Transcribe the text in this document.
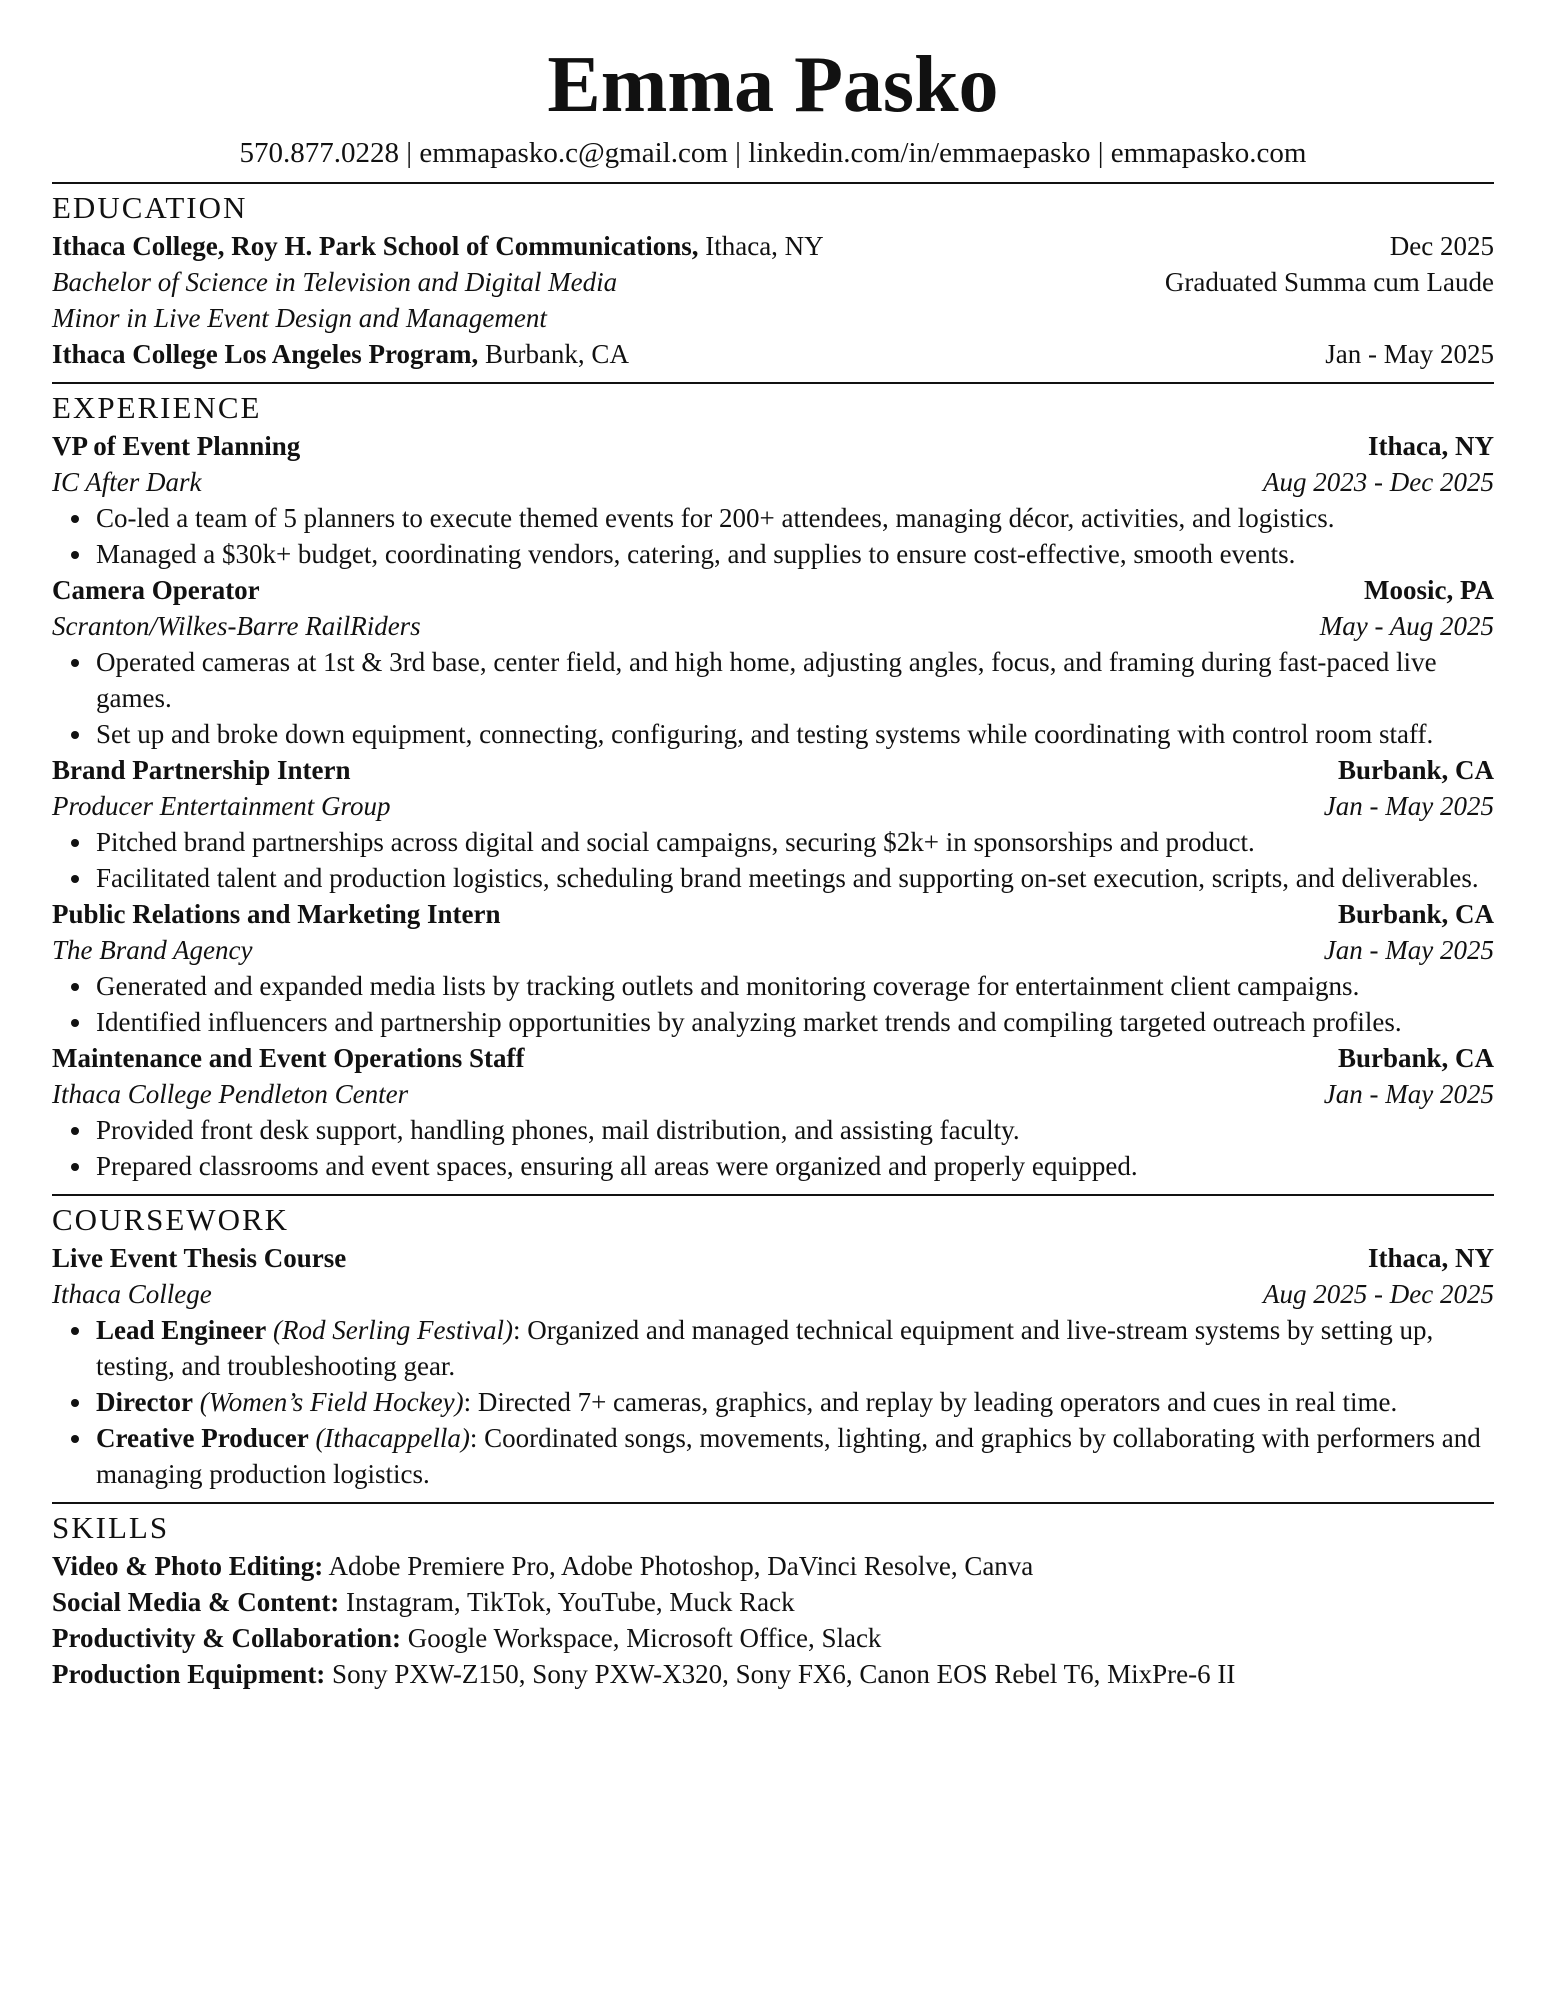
Emma Pasko
570.877.0228 | emmapasko.c@gmail.com | linkedin.com/in/emmaepasko | emmapasko.com
EDUCATION
Ithaca College, Roy H. Park School of Communications, Ithaca, NY	Dec 2025
Bachelor of Science in Television and Digital Media	Graduated Summa cum Laude
Minor in Live Event Design and Management
Ithaca College Los Angeles Program, Burbank, CA	Jan - May 2025
EXPERIENCE
VP of Event Planning	Ithaca, NY
IC After Dark	Aug 2023 - Dec 2025
• Co-led a team of 5 planners to execute themed events for 200+ attendees, managing décor, activities, and logistics.
• Managed a $30k+ budget, coordinating vendors, catering, and supplies to ensure cost-effective, smooth events.
Camera Operator	Moosic, PA
Scranton/Wilkes-Barre RailRiders	May - Aug 2025
• Operated cameras at 1st & 3rd base, center field, and high home, adjusting angles, focus, and framing during fast-paced live games.
• Set up and broke down equipment, connecting, configuring, and testing systems while coordinating with control room staff.
Brand Partnership Intern	Burbank, CA
Producer Entertainment Group	Jan - May 2025
• Pitched brand partnerships across digital and social campaigns, securing $2k+ in sponsorships and product.
• Facilitated talent and production logistics, scheduling brand meetings and supporting on-set execution, scripts, and deliverables.
Public Relations and Marketing Intern	Burbank, CA
The Brand Agency	Jan - May 2025
• Generated and expanded media lists by tracking outlets and monitoring coverage for entertainment client campaigns.
• Identified influencers and partnership opportunities by analyzing market trends and compiling targeted outreach profiles.
Maintenance and Event Operations Staff	Burbank, CA
Ithaca College Pendleton Center	Jan - May 2025
• Provided front desk support, handling phones, mail distribution, and assisting faculty.
• Prepared classrooms and event spaces, ensuring all areas were organized and properly equipped.
COURSEWORK
Live Event Thesis Course	Ithaca, NY
Ithaca College	Aug 2025 - Dec 2025
• Lead Engineer (Rod Serling Festival): Organized and managed technical equipment and live-stream systems by setting up, testing, and troubleshooting gear.
• Director (Women’s Field Hockey): Directed 7+ cameras, graphics, and replay by leading operators and cues in real time.
• Creative Producer (Ithacappella): Coordinated songs, movements, lighting, and graphics by collaborating with performers and managing production logistics.
SKILLS
Video & Photo Editing: Adobe Premiere Pro, Adobe Photoshop, DaVinci Resolve, Canva
Social Media & Content: Instagram, TikTok, YouTube, Muck Rack
Productivity & Collaboration: Google Workspace, Microsoft Office, Slack
Production Equipment: Sony PXW-Z150, Sony PXW-X320, Sony FX6, Canon EOS Rebel T6, MixPre-6 II
